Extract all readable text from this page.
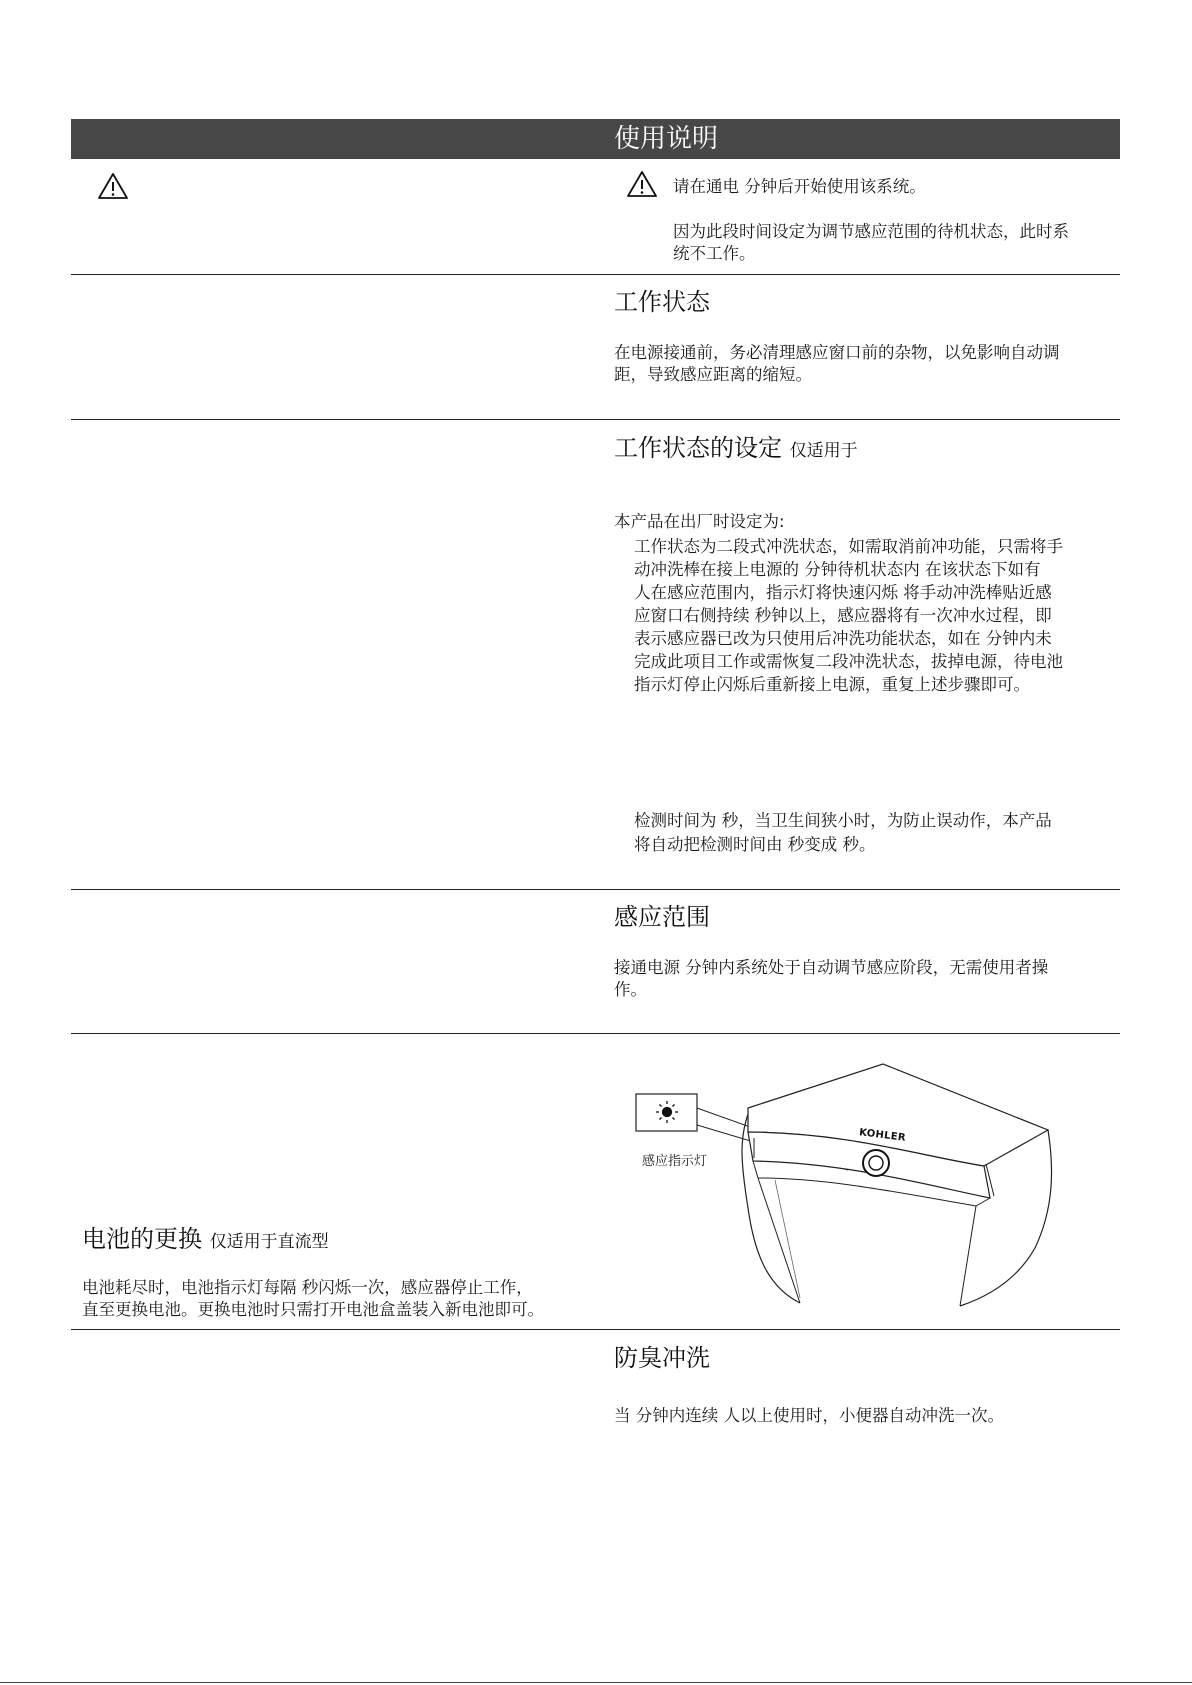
使用说明
请在通电 分钟后开始使用该系统。
因为此段时间设定为调节感应范围的待机状态，此时系
统不工作。
工作状态
在电源接通前，务必清理感应窗口前的杂物，以免影响自动调
距，导致感应距离的缩短。
工作状态的设定 仅适用于
本产品在出厂时设定为:
工作状态为二段式冲洗状态，如需取消前冲功能，只需将手
动冲洗棒在接上电源的 分钟待机状态内 在该状态下如有
人在感应范围内，指示灯将快速闪烁 将手动冲洗棒贴近感
应窗口右侧持续 秒钟以上，感应器将有一次冲水过程，即
表示感应器已改为只使用后冲洗功能状态，如在 分钟内未
完成此项目工作或需恢复二段冲洗状态，拔掉电源，待电池
指示灯停止闪烁后重新接上电源，重复上述步骤即可。
检测时间为 秒，当卫生间狭小时，为防止误动作，本产品
将自动把检测时间由 秒变成 秒。
感应范围
接通电源 分钟内系统处于自动调节感应阶段，无需使用者操
作。
KOHLER
感应指示灯
电池的更换 仅适用于直流型
电池耗尽时，电池指示灯每隔 秒闪烁一次，感应器停止工作，
直至更换电池。更换电池时只需打开电池盒盖装入新电池即可。
防臭冲洗
当 分钟内连续 人以上使用时，小便器自动冲洗一次。
